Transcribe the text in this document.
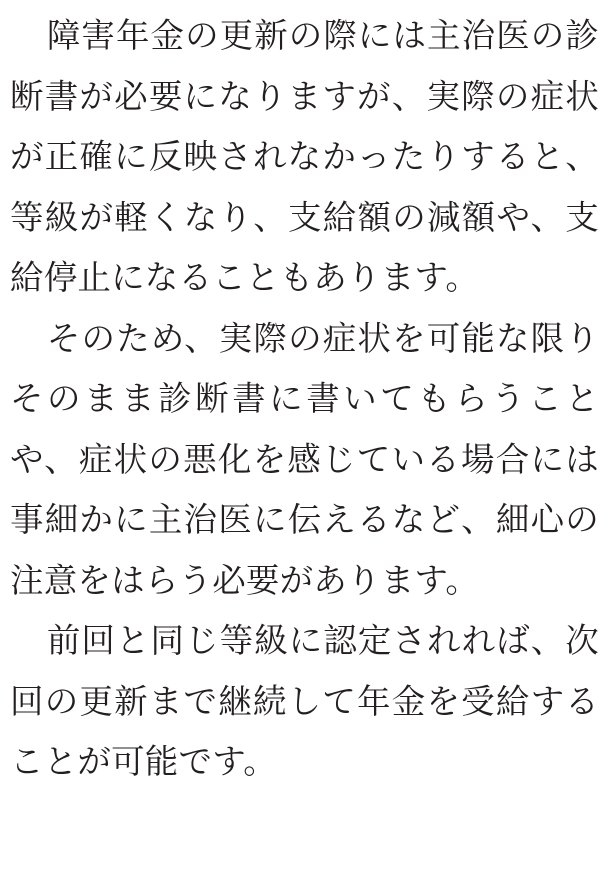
障害年金の更新の際には主治医の診断書が必要になりますが、実際の症状が正確に反映されなかったりすると、等級が軽くなり、支給額の減額や、支給停止になることもあります。

そのため、実際の症状を可能な限りそのまま診断書に書いてもらうことや、症状の悪化を感じている場合には事細かに主治医に伝えるなど、細心の注意をはらう必要があります。

前回と同じ等級に認定されれば、次回の更新まで継続して年金を受給することが可能です。
